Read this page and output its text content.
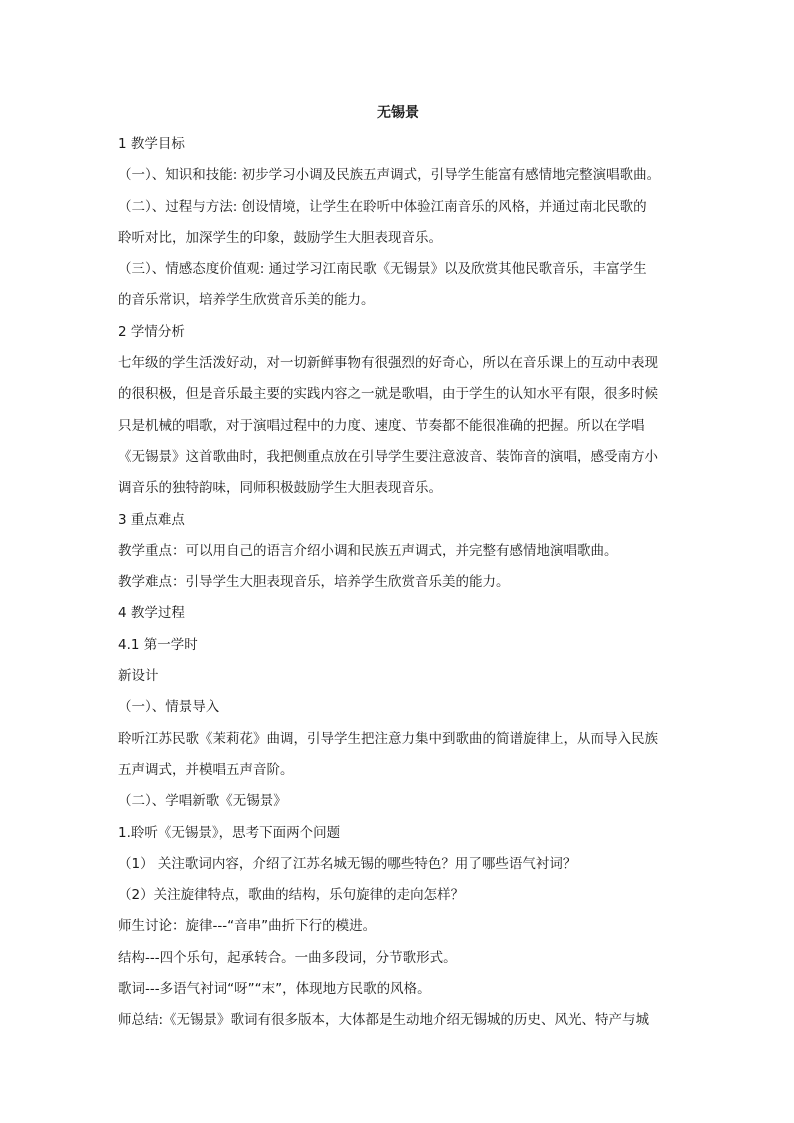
无锡景
1 教学目标
（一）、知识和技能: 初步学习小调及民族五声调式，引导学生能富有感情地完整演唱歌曲。
（二）、过程与方法: 创设情境，让学生在聆听中体验江南音乐的风格，并通过南北民歌的
聆听对比，加深学生的印象，鼓励学生大胆表现音乐。
（三）、情感态度价值观: 通过学习江南民歌《无锡景》以及欣赏其他民歌音乐，丰富学生
的音乐常识，培养学生欣赏音乐美的能力。
2 学情分析
七年级的学生活泼好动，对一切新鲜事物有很强烈的好奇心，所以在音乐课上的互动中表现
的很积极，但是音乐最主要的实践内容之一就是歌唱，由于学生的认知水平有限，很多时候
只是机械的唱歌，对于演唱过程中的力度、速度、节奏都不能很准确的把握。所以在学唱
《无锡景》这首歌曲时，我把侧重点放在引导学生要注意波音、装饰音的演唱，感受南方小
调音乐的独特韵味，同师积极鼓励学生大胆表现音乐。
3 重点难点
教学重点：可以用自己的语言介绍小调和民族五声调式，并完整有感情地演唱歌曲。
教学难点：引导学生大胆表现音乐，培养学生欣赏音乐美的能力。
4 教学过程
4.1 第一学时
新设计
（一）、情景导入
聆听江苏民歌《茉莉花》曲调，引导学生把注意力集中到歌曲的简谱旋律上，从而导入民族
五声调式，并模唱五声音阶。
（二）、学唱新歌《无锡景》
1.聆听《无锡景》，思考下面两个问题
（1） 关注歌词内容，介绍了江苏名城无锡的哪些特色？用了哪些语气衬词？
（2）关注旋律特点，歌曲的结构，乐句旋律的走向怎样？
师生讨论：旋律---“音串”曲折下行的模进。
结构---四个乐句，起承转合。一曲多段词，分节歌形式。
歌词---多语气衬词“呀”“末”，体现地方民歌的风格。
师总结:《无锡景》歌词有很多版本，大体都是生动地介绍无锡城的历史、风光、特产与城
